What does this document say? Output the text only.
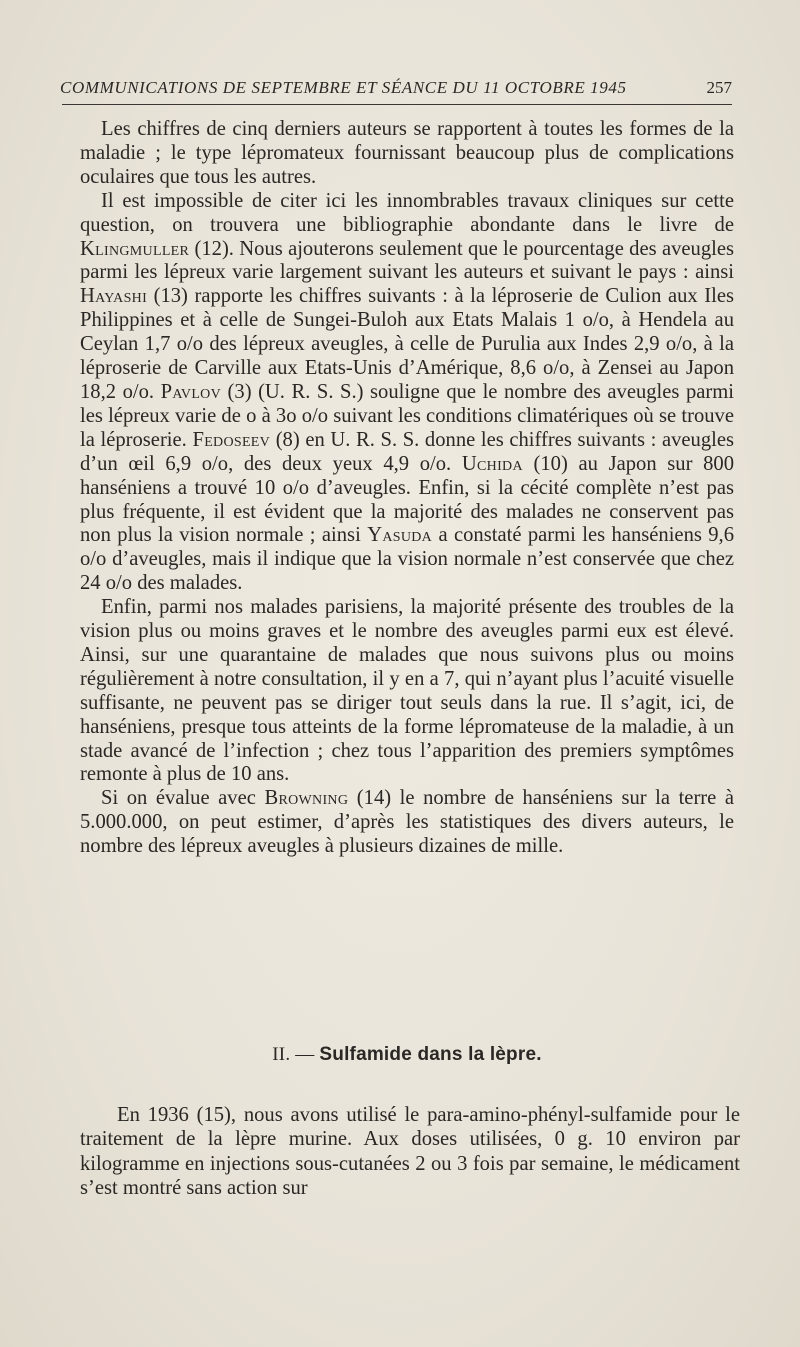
COMMUNICATIONS DE SEPTEMBRE ET SÉANCE DU 11 OCTOBRE 1945	257

Les chiffres de cinq derniers auteurs se rapportent à toutes les formes de la maladie ; le type lépromateux fournissant beaucoup plus de complications oculaires que tous les autres.

Il est impossible de citer ici les innombrables travaux cliniques sur cette question, on trouvera une bibliographie abondante dans le livre de Klingmuller (12). Nous ajouterons seulement que le pourcentage des aveugles parmi les lépreux varie largement suivant les auteurs et suivant le pays : ainsi Hayashi (13) rapporte les chiffres suivants : à la léproserie de Culion aux Iles Philippines et à celle de Sungei-Buloh aux Etats Malais 1 o/o, à Hendela au Ceylan 1,7 o/o des lépreux aveugles, à celle de Purulia aux Indes 2,9 o/o, à la léproserie de Carville aux Etats-Unis d’Amérique, 8,6 o/o, à Zensei au Japon 18,2 o/o. Pavlov (3) (U. R. S. S.) souligne que le nombre des aveugles parmi les lépreux varie de o à 3o o/o suivant les conditions climatériques où se trouve la léproserie. Fedoseev (8) en U. R. S. S. donne les chiffres suivants : aveugles d’un œil 6,9 o/o, des deux yeux 4,9 o/o. Uchida (10) au Japon sur 800 hanséniens a trouvé 10 o/o d’aveugles. Enfin, si la cécité complète n’est pas plus fréquente, il est évident que la majorité des malades ne conservent pas non plus la vision normale ; ainsi Yasuda a constaté parmi les hanséniens 9,6 o/o d’aveugles, mais il indique que la vision normale n’est conservée que chez 24 o/o des malades.

Enfin, parmi nos malades parisiens, la majorité présente des troubles de la vision plus ou moins graves et le nombre des aveugles parmi eux est élevé. Ainsi, sur une quarantaine de malades que nous suivons plus ou moins régulièrement à notre consultation, il y en a 7, qui n’ayant plus l’acuité visuelle suffisante, ne peuvent pas se diriger tout seuls dans la rue. Il s’agit, ici, de hanséniens, presque tous atteints de la forme lépromateuse de la maladie, à un stade avancé de l’infection ; chez tous l’apparition des premiers symptômes remonte à plus de 10 ans.

Si on évalue avec Browning (14) le nombre de hanséniens sur la terre à 5.000.000, on peut estimer, d’après les statistiques des divers auteurs, le nombre des lépreux aveugles à plusieurs dizaines de mille.

II. — Sulfamide dans la lèpre.

En 1936 (15), nous avons utilisé le para-amino-phényl-sulfamide pour le traitement de la lèpre murine. Aux doses utilisées, 0 g. 10 environ par kilogramme en injections sous-cutanées 2 ou 3 fois par semaine, le médicament s’est montré sans action sur
